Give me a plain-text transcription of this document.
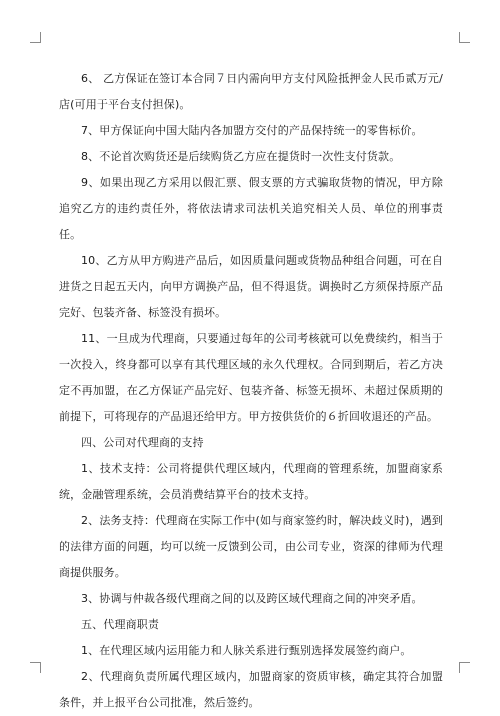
6、 乙方保证在签订本合同７日内需向甲方支付风险抵押金人民币贰万元/店(可用于平台支付担保)。

7、甲方保证向中国大陆内各加盟方交付的产品保持统一的零售标价。

8、不论首次购货还是后续购货乙方应在提货时一次性支付货款。

9、如果出现乙方采用以假汇票、假支票的方式骗取货物的情况，甲方除追究乙方的违约责任外，将依法请求司法机关追究相关人员、单位的刑事责任。

10、乙方从甲方购进产品后，如因质量问题或货物品种组合问题，可在自进货之日起五天内，向甲方调换产品，但不得退货。调换时乙方须保持原产品完好、包装齐备、标签没有损坏。

11、一旦成为代理商，只要通过每年的公司考核就可以免费续约，相当于一次投入，终身都可以享有其代理区域的永久代理权。合同到期后，若乙方决定不再加盟，在乙方保证产品完好、包装齐备、标签无损坏、未超过保质期的前提下，可将现存的产品退还给甲方。甲方按供货价的６折回收退还的产品。

四、公司对代理商的支持

1、技术支持：公司将提供代理区域内，代理商的管理系统，加盟商家系统，金融管理系统，会员消费结算平台的技术支持。

2、法务支持：代理商在实际工作中(如与商家签约时，解决歧义时)，遇到的法律方面的问题，均可以统一反馈到公司，由公司专业，资深的律师为代理商提供服务。

3、协调与仲裁各级代理商之间的以及跨区域代理商之间的冲突矛盾。

五、代理商职责

1、在代理区域内运用能力和人脉关系进行甄别选择发展签约商户。

2、代理商负责所属代理区域内，加盟商家的资质审核，确定其符合加盟条件，并上报平台公司批准，然后签约。
